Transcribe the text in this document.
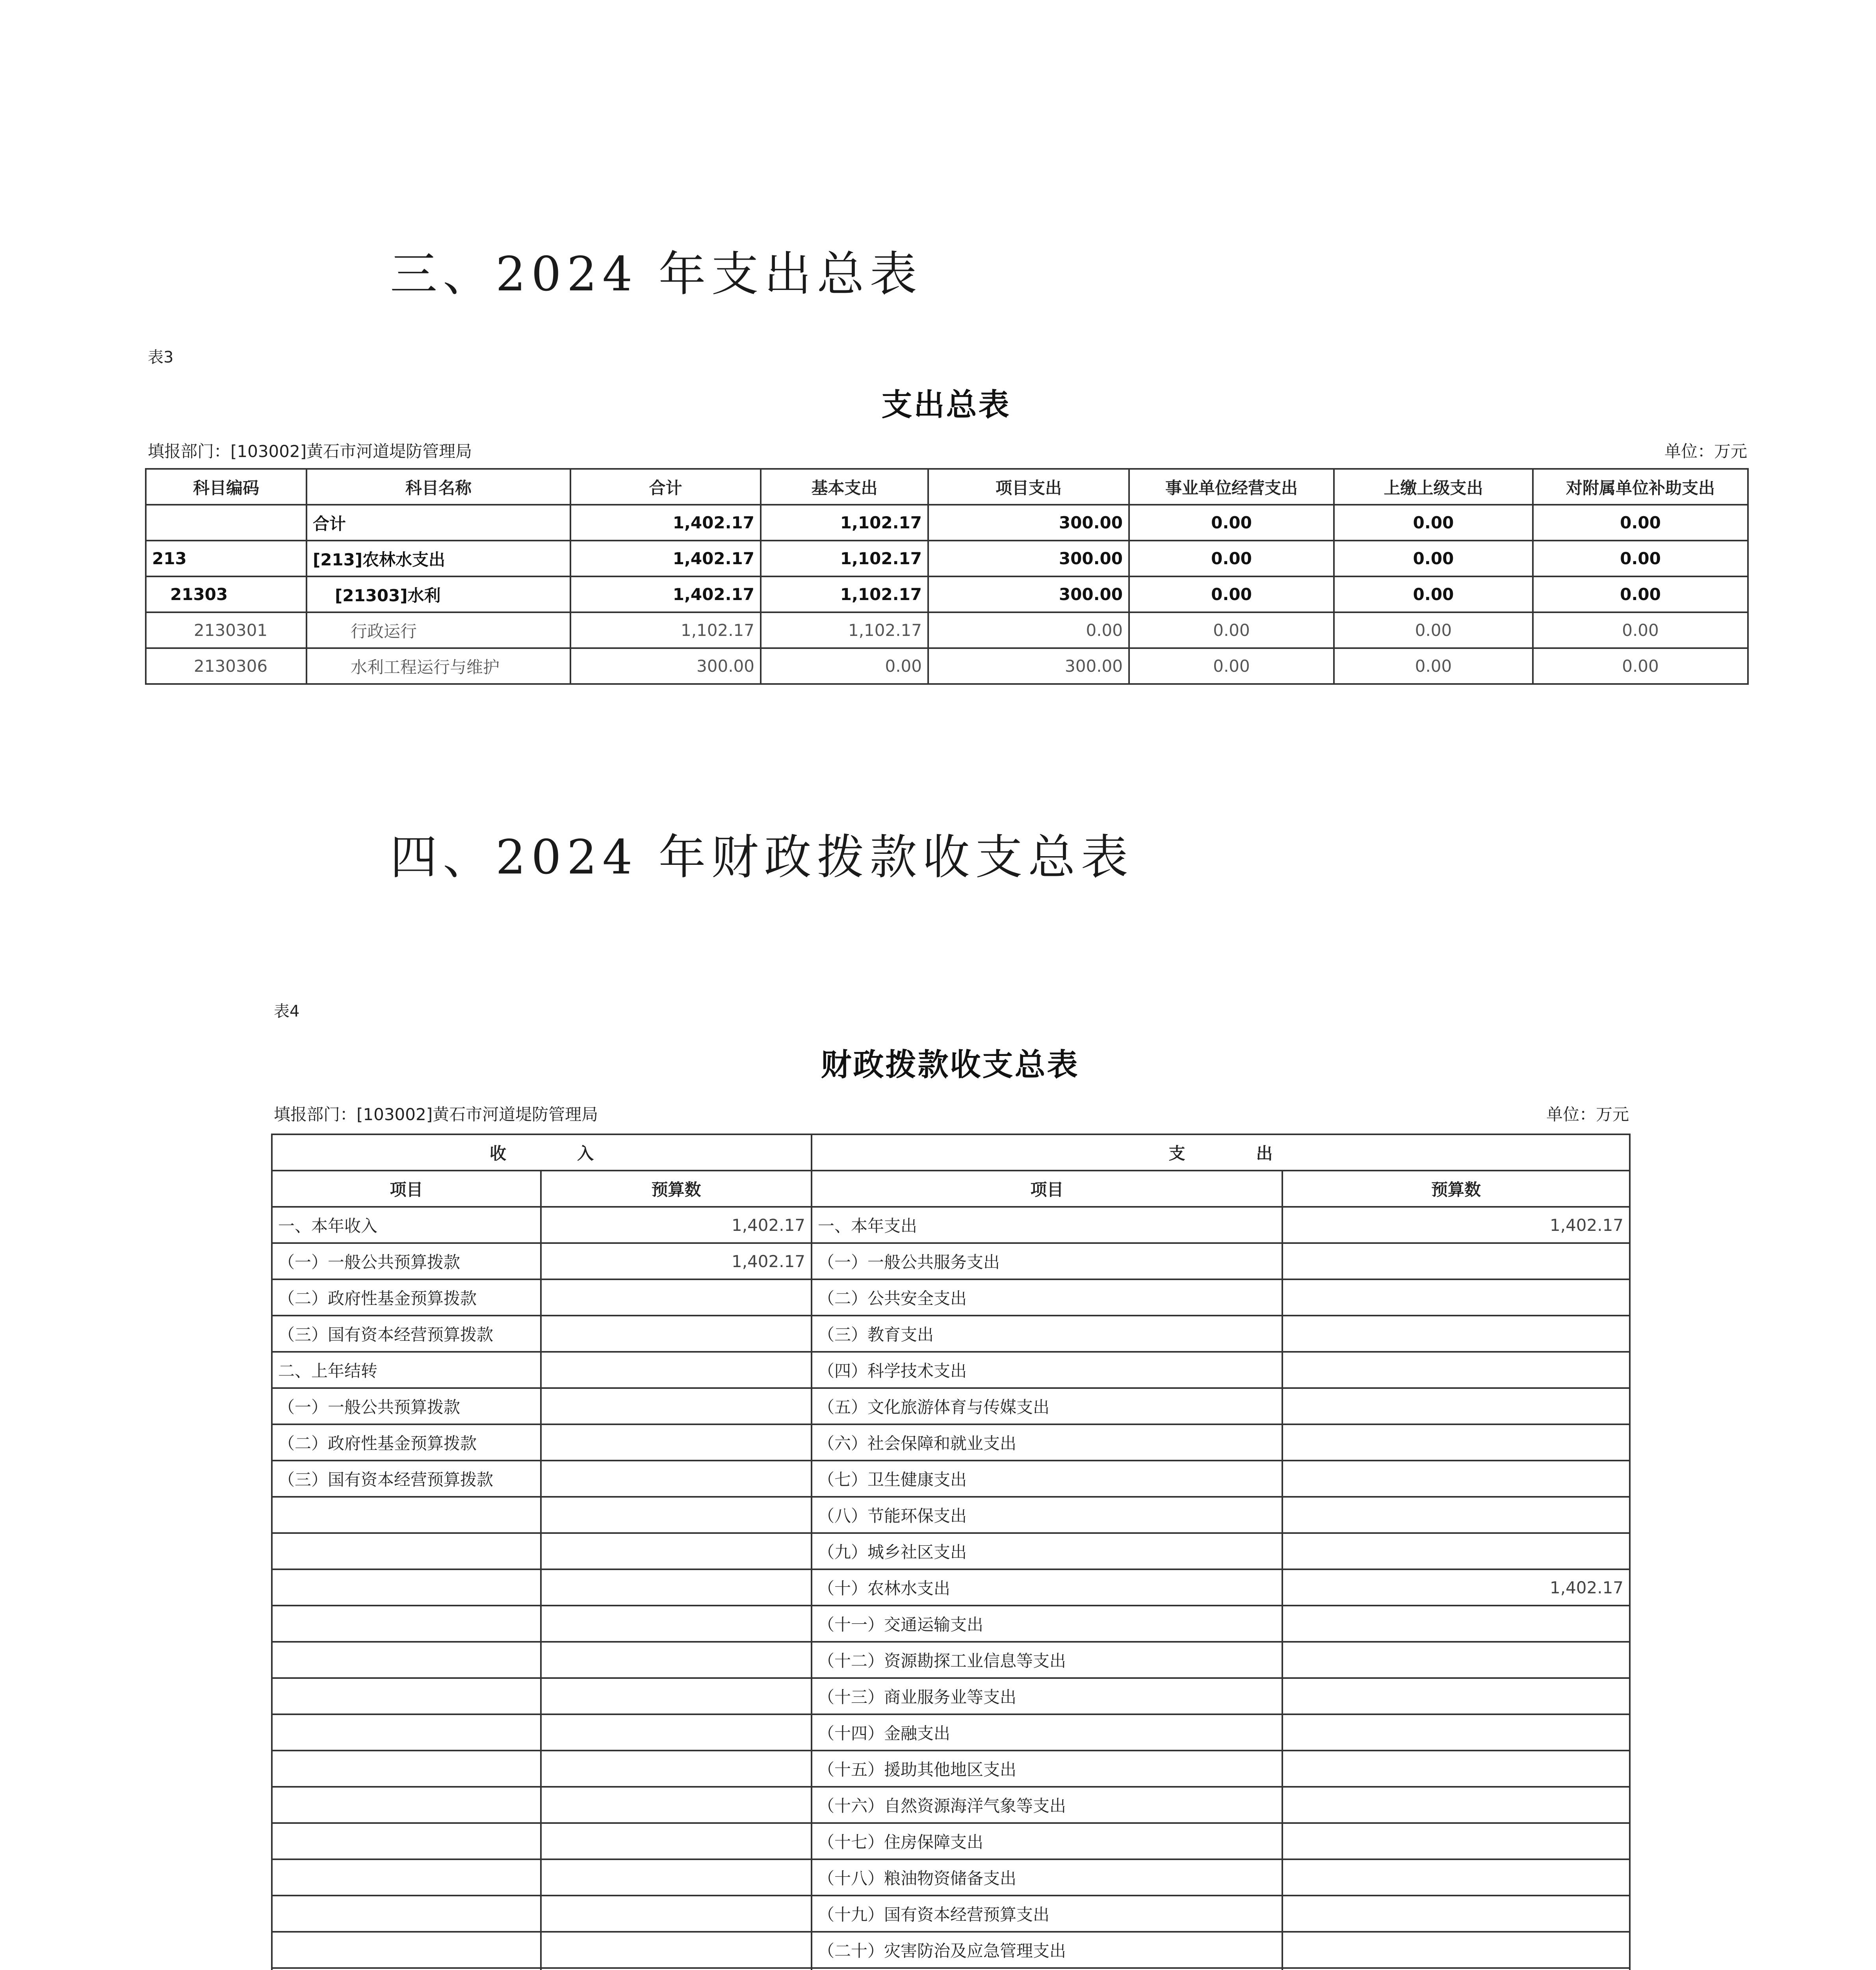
三、2024 年支出总表
表3
支出总表
填报部门：[103002]黄石市河道堤防管理局	单位：万元
科目编码	科目名称	合计	基本支出	项目支出	事业单位经营支出	上缴上级支出	对附属单位补助支出
	合计	1,402.17	1,102.17	300.00	0.00	0.00	0.00
213	[213]农林水支出	1,402.17	1,102.17	300.00	0.00	0.00	0.00
21303	[21303]水利	1,402.17	1,102.17	300.00	0.00	0.00	0.00
2130301	行政运行	1,102.17	1,102.17	0.00	0.00	0.00	0.00
2130306	水利工程运行与维护	300.00	0.00	300.00	0.00	0.00	0.00
四、2024 年财政拨款收支总表
表4
财政拨款收支总表
填报部门：[103002]黄石市河道堤防管理局	单位：万元
收入		支出	
项目	预算数	项目	预算数
一、本年收入	1,402.17	一、本年支出	1,402.17
（一）一般公共预算拨款	1,402.17	（一）一般公共服务支出	
（二）政府性基金预算拨款		（二）公共安全支出	
（三）国有资本经营预算拨款		（三）教育支出	
二、上年结转		（四）科学技术支出	
（一）一般公共预算拨款		（五）文化旅游体育与传媒支出	
（二）政府性基金预算拨款		（六）社会保障和就业支出	
（三）国有资本经营预算拨款		（七）卫生健康支出	
		（八）节能环保支出	
		（九）城乡社区支出	
		（十）农林水支出	1,402.17
		（十一）交通运输支出	
		（十二）资源勘探工业信息等支出	
		（十三）商业服务业等支出	
		（十四）金融支出	
		（十五）援助其他地区支出	
		（十六）自然资源海洋气象等支出	
		（十七）住房保障支出	
		（十八）粮油物资储备支出	
		（十九）国有资本经营预算支出	
		（二十）灾害防治及应急管理支出	
